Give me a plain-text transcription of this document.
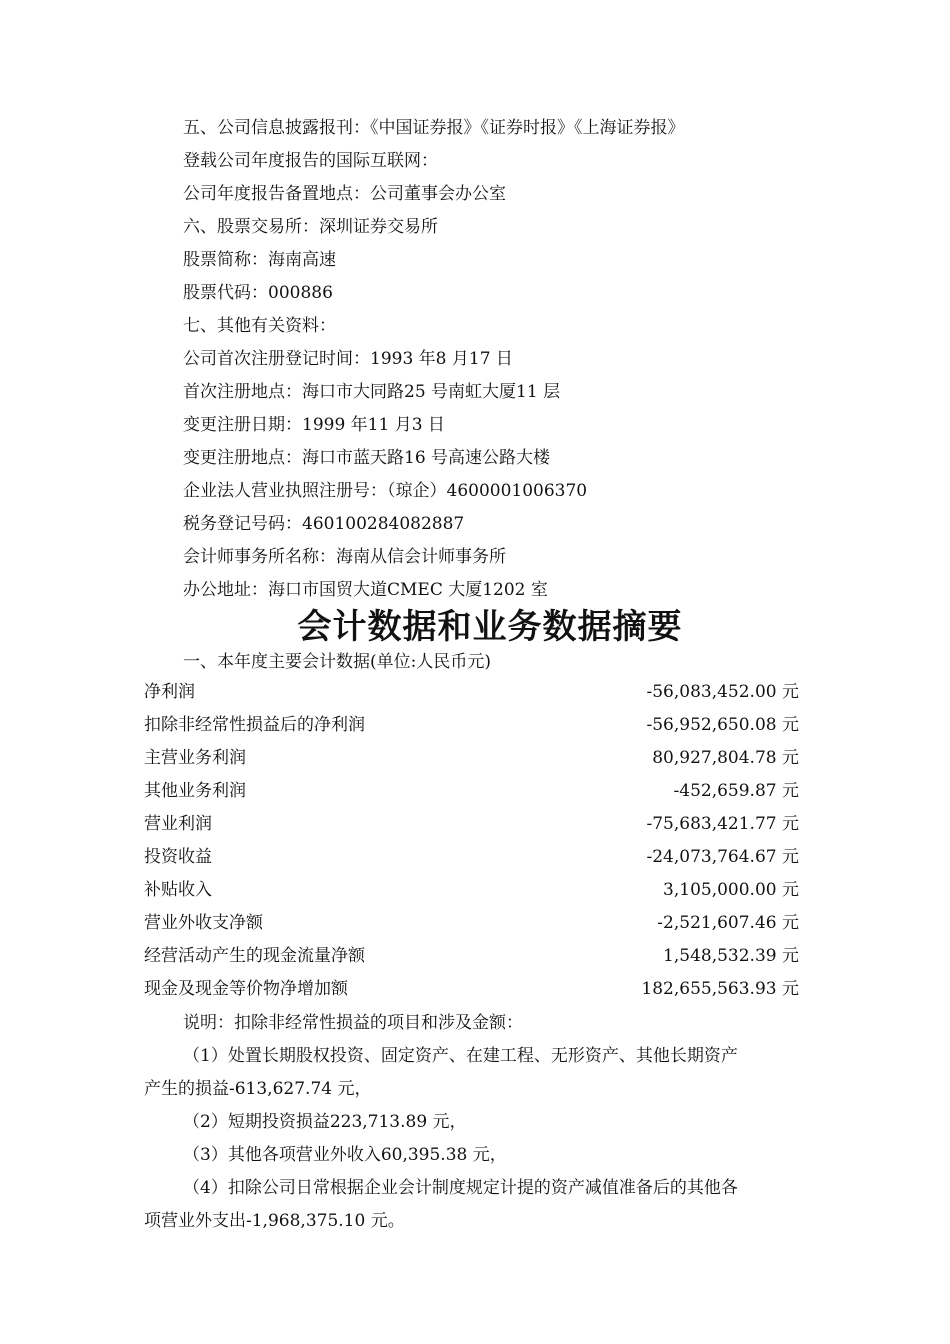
五、公司信息披露报刊：《中国证券报》《证券时报》《上海证券报》
登载公司年度报告的国际互联网：
公司年度报告备置地点：公司董事会办公室
六、股票交易所：深圳证券交易所
股票简称：海南高速
股票代码：000886
七、其他有关资料：
公司首次注册登记时间：1993 年8 月17 日
首次注册地点：海口市大同路25 号南虹大厦11 层
变更注册日期：1999 年11 月3 日
变更注册地点：海口市蓝天路16 号高速公路大楼
企业法人营业执照注册号：（琼企）4600001006370
税务登记号码：460100284082887
会计师事务所名称：海南从信会计师事务所
办公地址：海口市国贸大道CMEC 大厦1202 室
会计数据和业务数据摘要
一、本年度主要会计数据(单位:人民币元)
净利润	-56,083,452.00 元
扣除非经常性损益后的净利润	-56,952,650.08 元
主营业务利润	80,927,804.78 元
其他业务利润	-452,659.87 元
营业利润	-75,683,421.77 元
投资收益	-24,073,764.67 元
补贴收入	3,105,000.00 元
营业外收支净额	-2,521,607.46 元
经营活动产生的现金流量净额	1,548,532.39 元
现金及现金等价物净增加额	182,655,563.93 元
说明：扣除非经常性损益的项目和涉及金额：
（1）处置长期股权投资、固定资产、在建工程、无形资产、其他长期资产
产生的损益-613,627.74 元，
（2）短期投资损益223,713.89 元，
（3）其他各项营业外收入60,395.38 元，
（4）扣除公司日常根据企业会计制度规定计提的资产减值准备后的其他各
项营业外支出-1,968,375.10 元。
